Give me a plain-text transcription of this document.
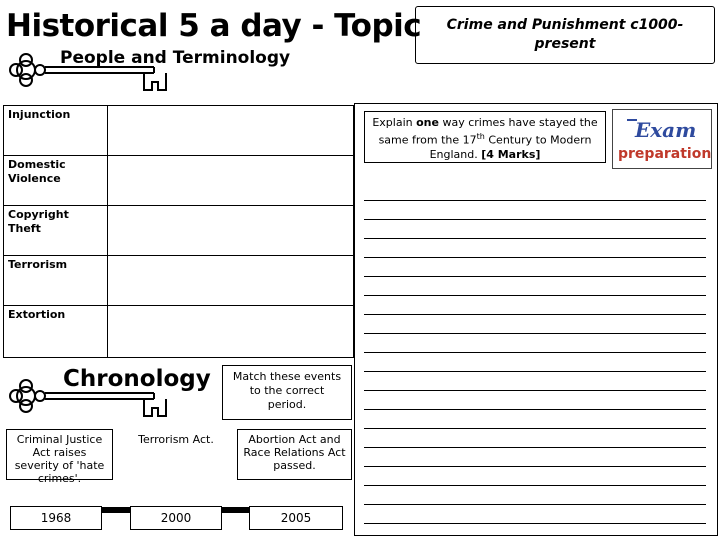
Historical 5 a day - Topic
People and Terminology
Crime and Punishment c1000-present
Injunction	
Domestic Violence	
Copyright Theft	
Terrorism	
Extortion	
Chronology	Match these events to the correct period.
Criminal Justice Act raises severity of 'hate crimes'.
Terrorism Act.	Abortion Act and Race Relations Act passed.
1968	2000	2005
Explain one way crimes have stayed the same from the 17th Century to Modern England. [4 Marks]
Exam
preparation
